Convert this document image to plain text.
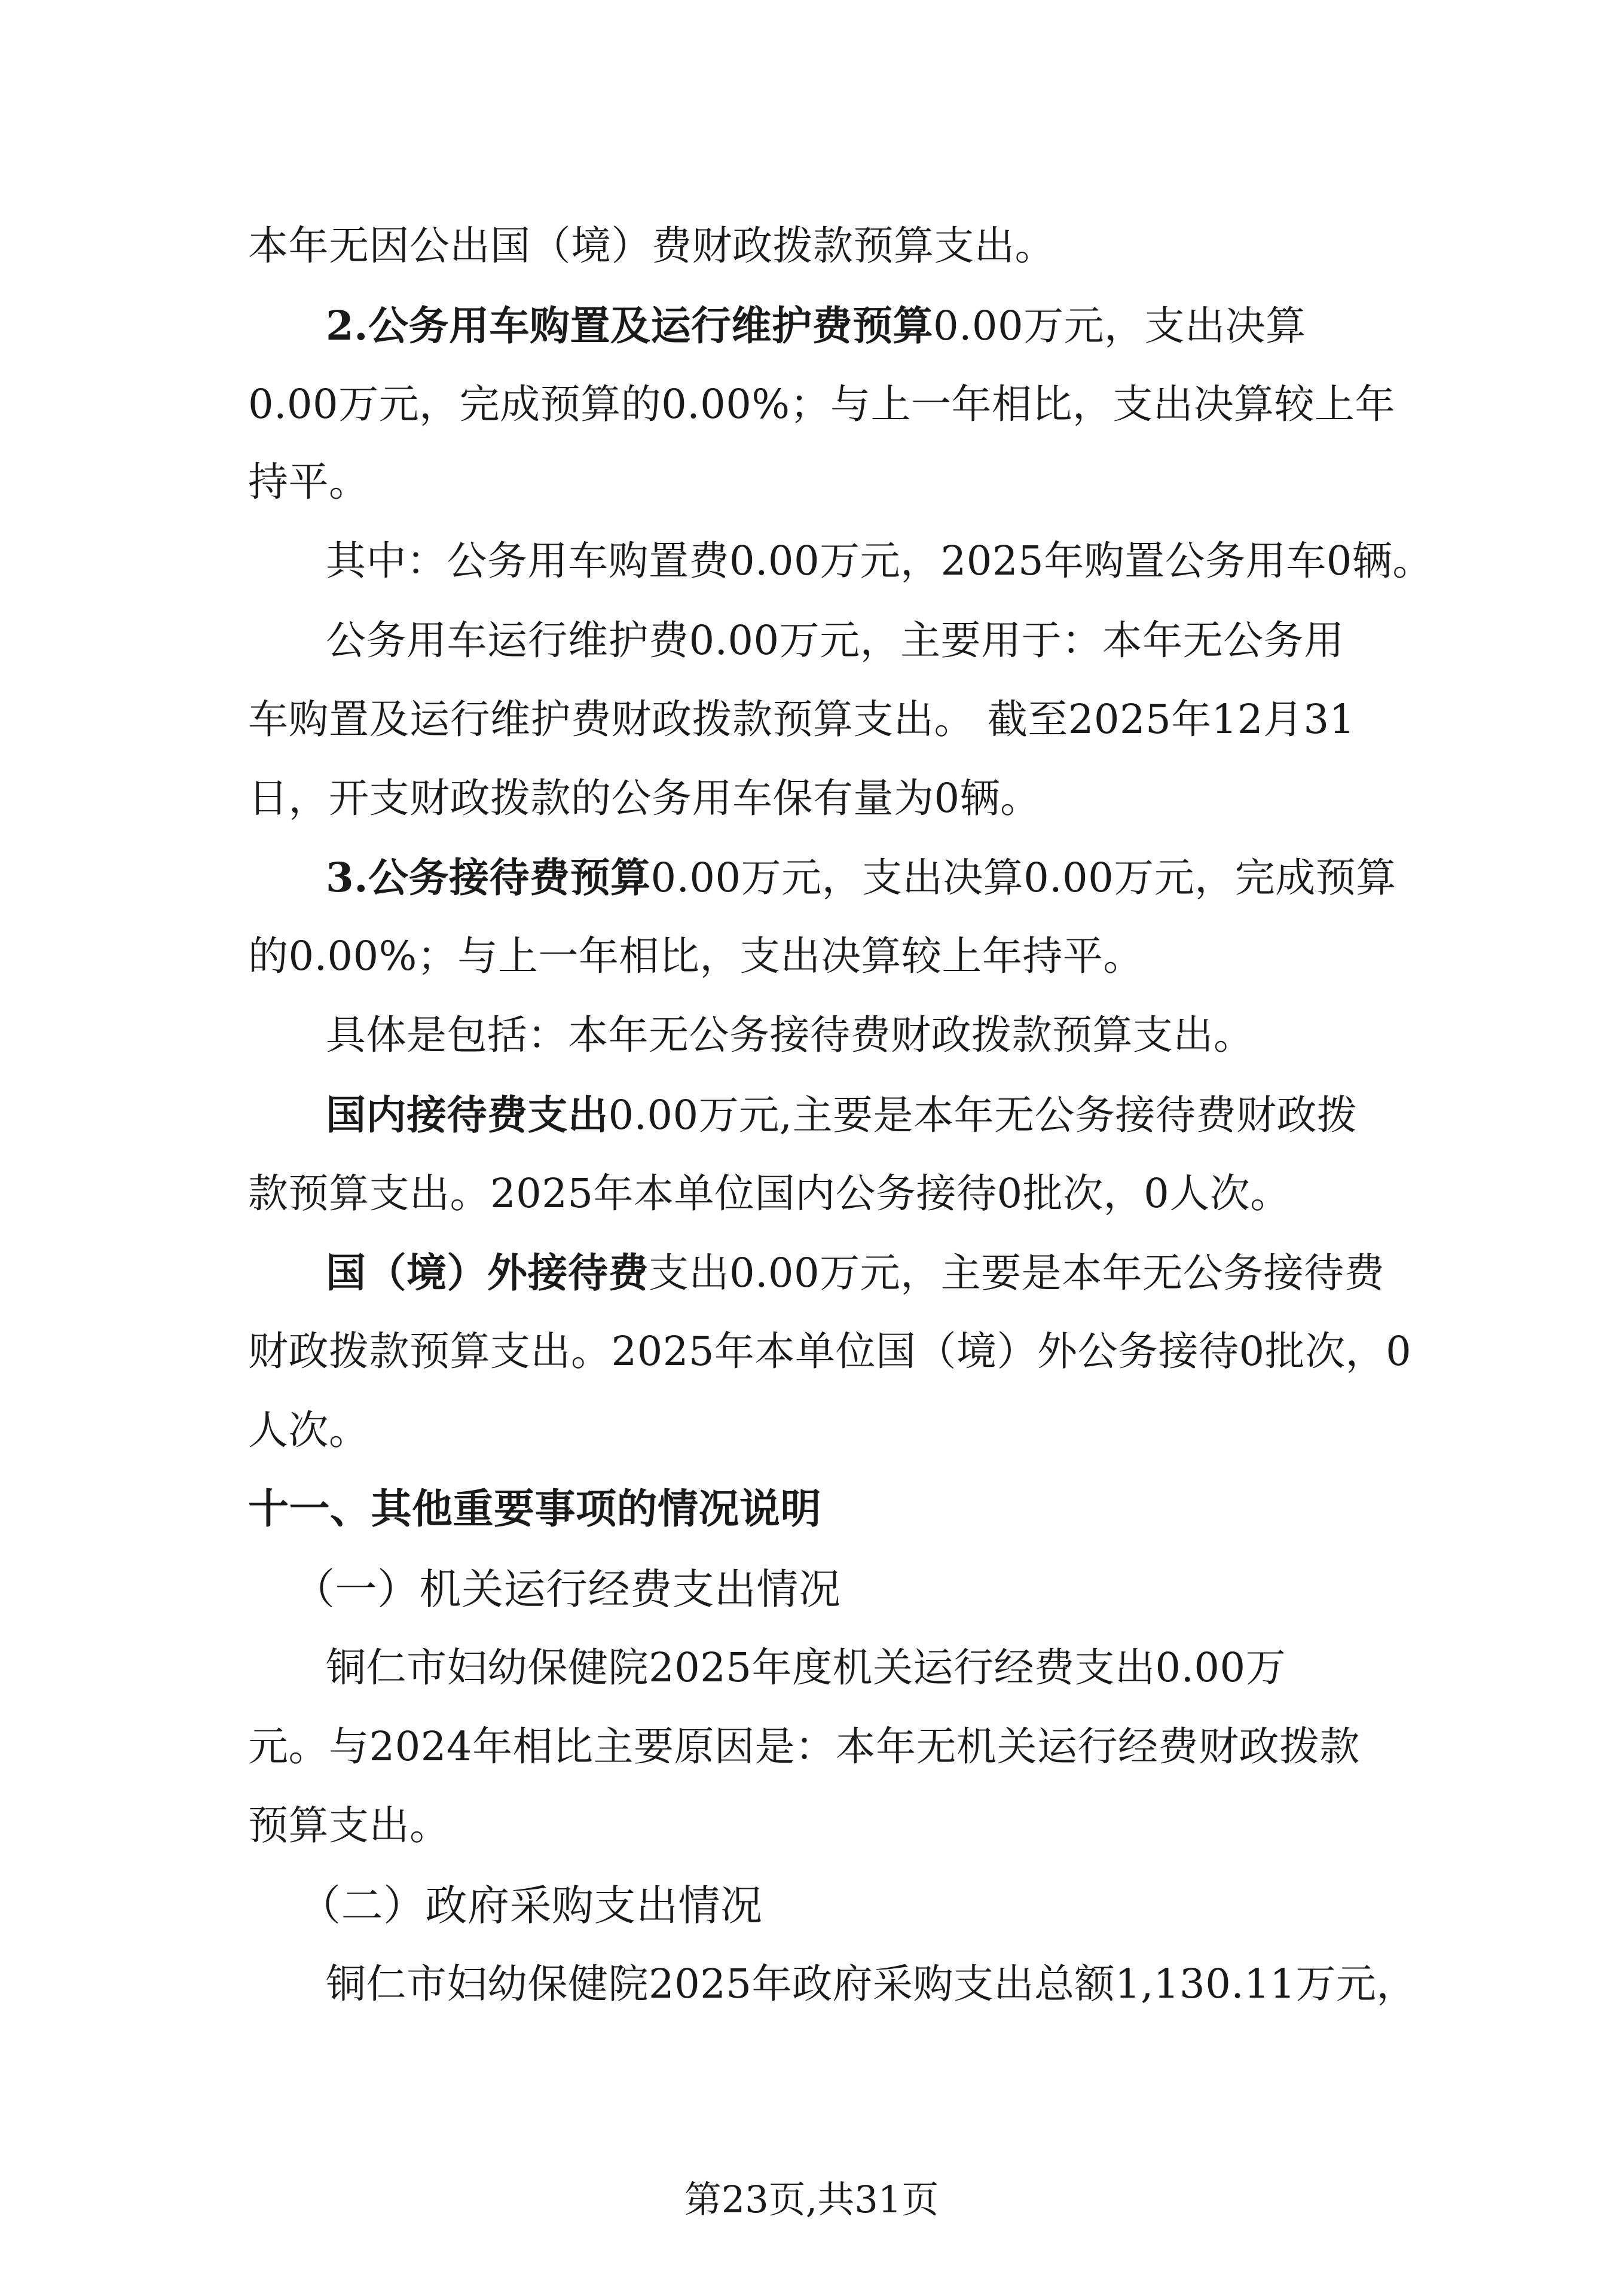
本年无因公出国（境）费财政拨款预算支出。
2.公务用车购置及运行维护费预算0.00万元，支出决算
0.00万元，完成预算的0.00%；与上一年相比，支出决算较上年
持平。
其中：公务用车购置费0.00万元，2025年购置公务用车0辆。
公务用车运行维护费0.00万元，主要用于：本年无公务用
车购置及运行维护费财政拨款预算支出。 截至2025年12月31
日，开支财政拨款的公务用车保有量为0辆。
3.公务接待费预算0.00万元，支出决算0.00万元，完成预算
的0.00%；与上一年相比，支出决算较上年持平。
具体是包括：本年无公务接待费财政拨款预算支出。
国内接待费支出0.00万元,主要是本年无公务接待费财政拨
款预算支出。2025年本单位国内公务接待0批次，0人次。
国（境）外接待费支出0.00万元，主要是本年无公务接待费
财政拨款预算支出。2025年本单位国（境）外公务接待0批次，0
人次。
十一、其他重要事项的情况说明
（一）机关运行经费支出情况
铜仁市妇幼保健院2025年度机关运行经费支出0.00万
元。与2024年相比主要原因是：本年无机关运行经费财政拨款
预算支出。
（二）政府采购支出情况
铜仁市妇幼保健院2025年政府采购支出总额1,130.11万元，
第23页,共31页
